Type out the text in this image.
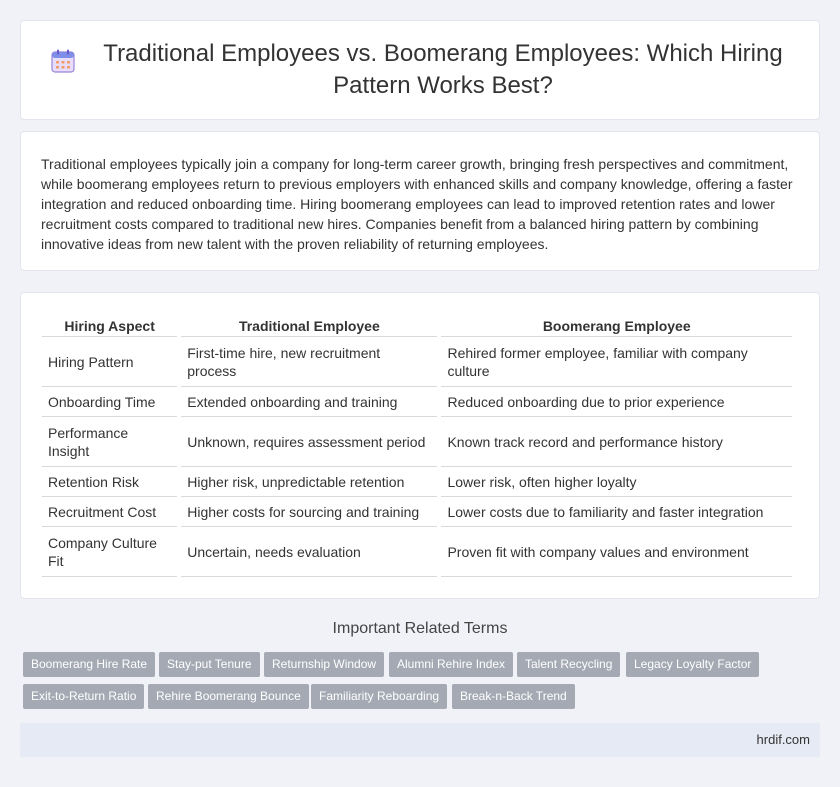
Traditional Employees vs. Boomerang Employees: Which Hiring Pattern Works Best?

Traditional employees typically join a company for long-term career growth, bringing fresh perspectives and commitment, while boomerang employees return to previous employers with enhanced skills and company knowledge, offering a faster integration and reduced onboarding time. Hiring boomerang employees can lead to improved retention rates and lower recruitment costs compared to traditional new hires. Companies benefit from a balanced hiring pattern by combining innovative ideas from new talent with the proven reliability of returning employees.

Hiring Aspect	Traditional Employee	Boomerang Employee
Hiring Pattern	First-time hire, new recruitment process	Rehired former employee, familiar with company culture
Onboarding Time	Extended onboarding and training	Reduced onboarding due to prior experience
Performance Insight	Unknown, requires assessment period	Known track record and performance history
Retention Risk	Higher risk, unpredictable retention	Lower risk, often higher loyalty
Recruitment Cost	Higher costs for sourcing and training	Lower costs due to familiarity and faster integration
Company Culture Fit	Uncertain, needs evaluation	Proven fit with company values and environment
Important Related Terms
Boomerang Hire Rate	Stay-put Tenure	Returnship Window	Alumni Rehire Index	Talent Recycling	Legacy Loyalty Factor
Exit-to-Return Ratio	Rehire Boomerang Bounce	Familiarity Reboarding	Break-n-Back Trend
hrdif.com
